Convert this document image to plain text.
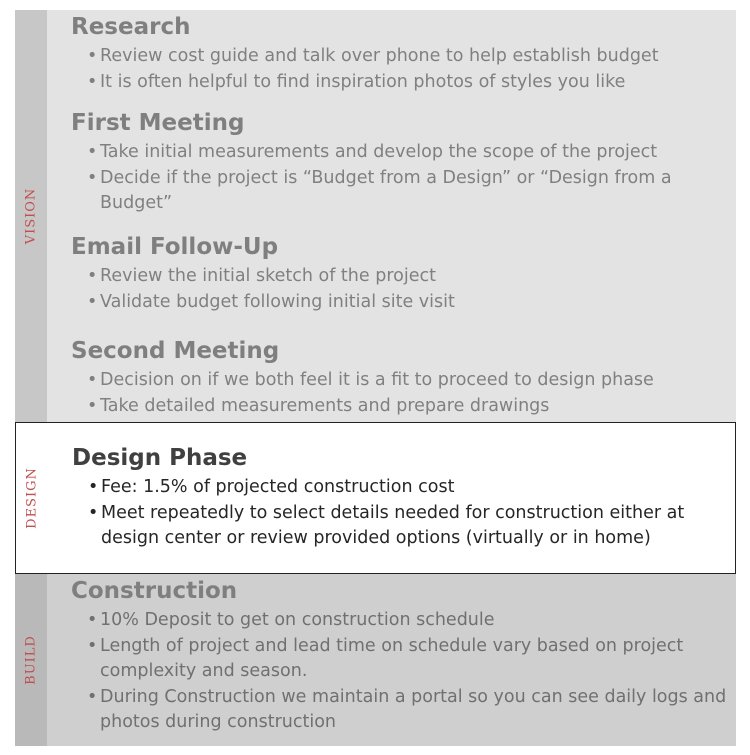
VISION
Research
• Review cost guide and talk over phone to help establish budget
• It is often helpful to find inspiration photos of styles you like
First Meeting
• Take initial measurements and develop the scope of the project
• Decide if the project is “Budget from a Design” or “Design from a Budget”
Email Follow-Up
• Review the initial sketch of the project
• Validate budget following initial site visit
Second Meeting
• Decision on if we both feel it is a fit to proceed to design phase
• Take detailed measurements and prepare drawings
DESIGN
Design Phase
• Fee: 1.5% of projected construction cost
• Meet repeatedly to select details needed for construction either at design center or review provided options (virtually or in home)
BUILD
Construction
• 10% Deposit to get on construction schedule
• Length of project and lead time on schedule vary based on project complexity and season.
• During Construction we maintain a portal so you can see daily logs and photos during construction
